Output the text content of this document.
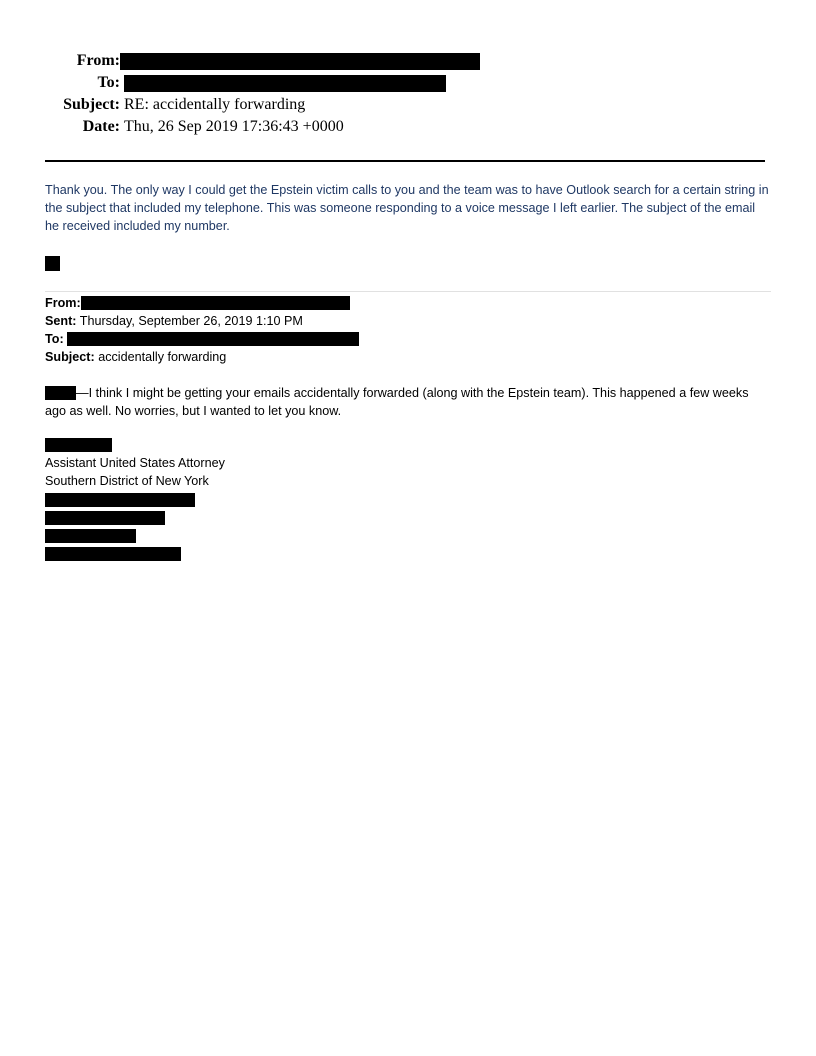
From:
To:
Subject: RE: accidentally forwarding
Date: Thu, 26 Sep 2019 17:36:43 +0000
Thank you. The only way I could get the Epstein victim calls to you and the team was to have Outlook search for a certain string in the subject that included my telephone. This was someone responding to a voice message I left earlier. The subject of the email he received included my number.
From:
Sent: Thursday, September 26, 2019 1:10 PM
To:
Subject: accidentally forwarding
—I think I might be getting your emails accidentally forwarded (along with the Epstein team). This happened a few weeks ago as well. No worries, but I wanted to let you know.
Assistant United States Attorney
Southern District of New York
